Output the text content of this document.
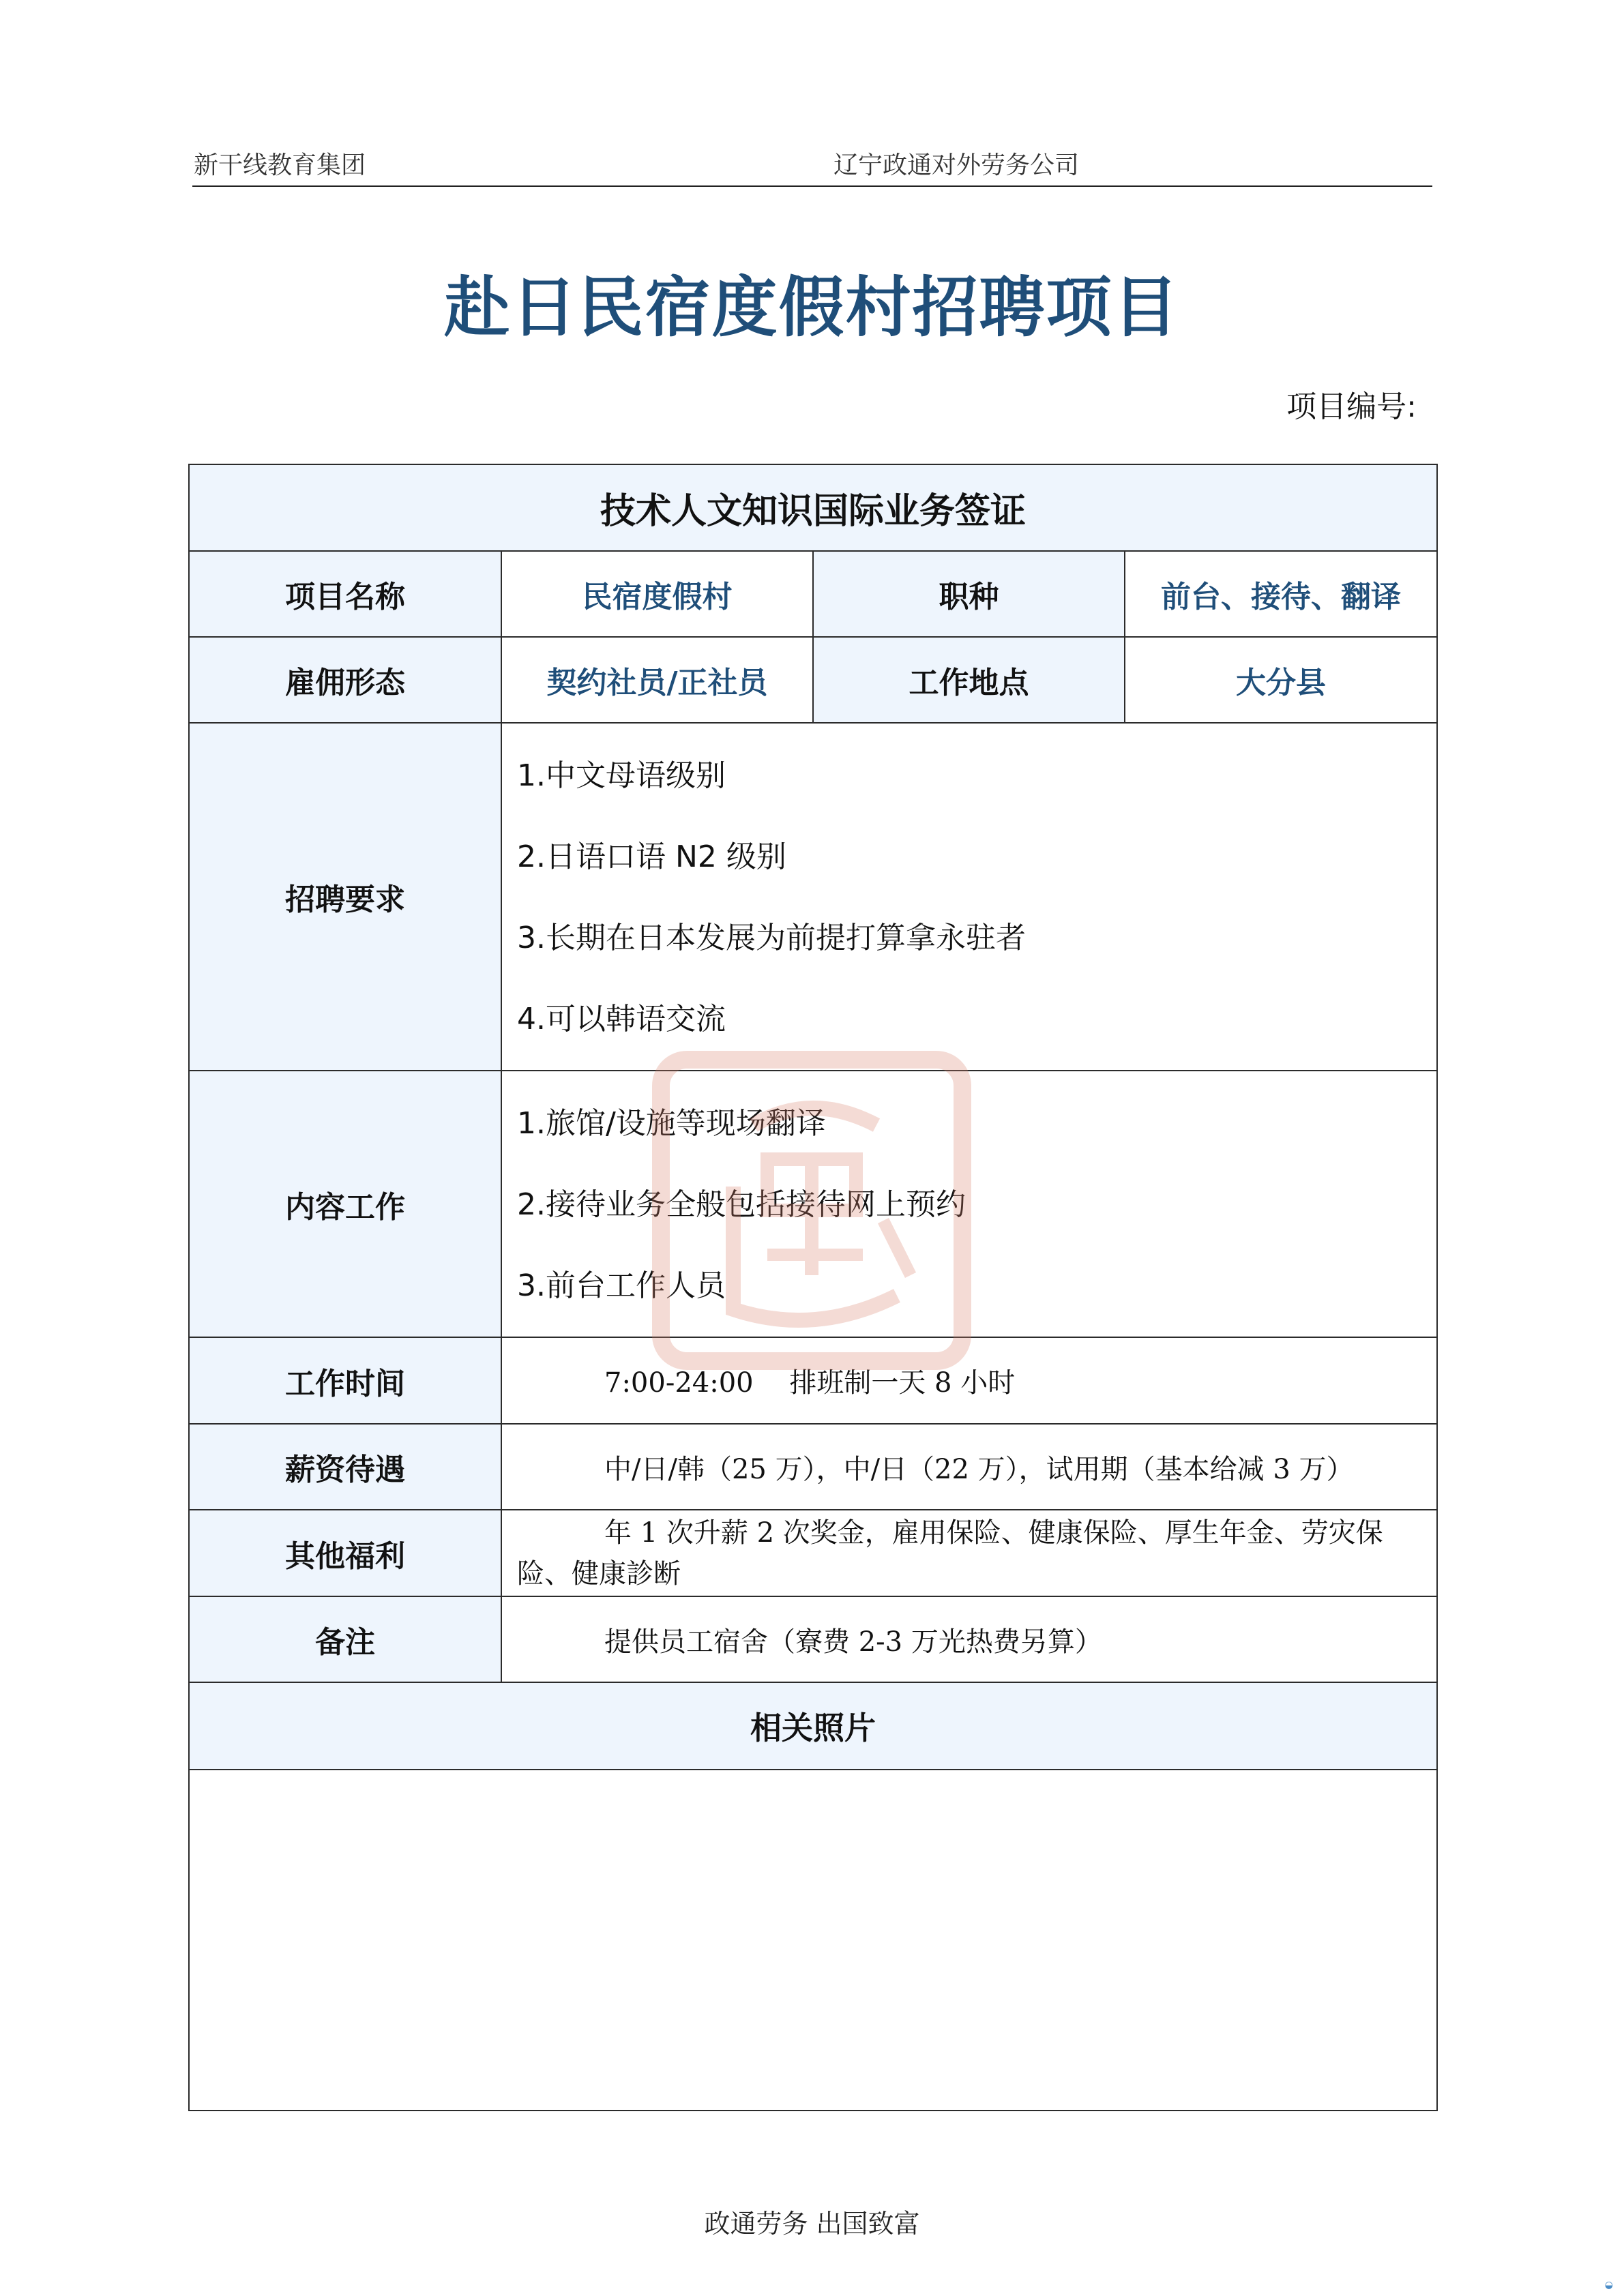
新干线教育集团	辽宁政通对外劳务公司
赴日民宿度假村招聘项目
项目编号:
技术人文知识国际业务签证			
项目名称	民宿度假村	职种	前台、接待、翻译
雇佣形态	契约社员/正社员	工作地点	大分县
招聘要求	1.中文母语级别
2.日语口语 N2 级别
3.长期在日本发展为前提打算拿永驻者
4.可以韩语交流		

内容工作	1.旅馆/设施等现场翻译
2.接待业务全般包括接待网上预约
3.前台工作人员		

工作时间	7:00-24:00　 排班制一天 8 小时		
薪资待遇	中/日/韩（25 万），中/日（22 万），试用期（基本给减 3 万）		
其他福利	年 1 次升薪 2 次奖金，雇用保险、健康保险、厚生年金、劳灾保险、健康診断		

备注	提供员工宿舍（寮费 2-3 万光热费另算）		
相关照片			

政通劳务 出国致富
◒
